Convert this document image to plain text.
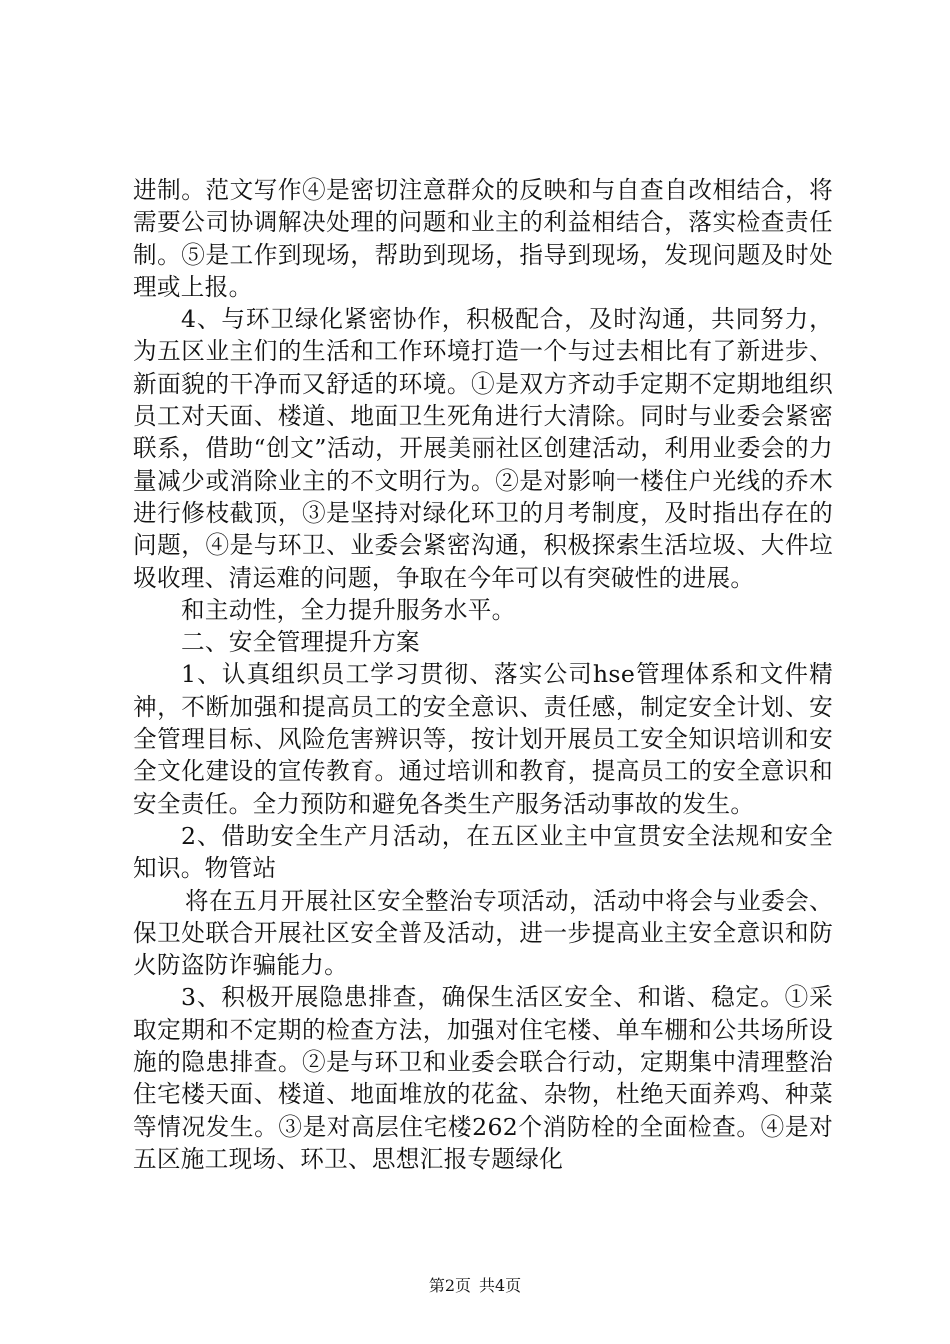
进制。范文写作④是密切注意群众的反映和与自查自改相结合，将需要公司协调解决处理的问题和业主的利益相结合，落实检查责任制。⑤是工作到现场，帮助到现场，指导到现场，发现问题及时处理或上报。

4、与环卫绿化紧密协作，积极配合，及时沟通，共同努力，为五区业主们的生活和工作环境打造一个与过去相比有了新进步、新面貌的干净而又舒适的环境。①是双方齐动手定期不定期地组织员工对天面、楼道、地面卫生死角进行大清除。同时与业委会紧密联系，借助“创文”活动，开展美丽社区创建活动，利用业委会的力量减少或消除业主的不文明行为。②是对影响一楼住户光线的乔木进行修枝截顶，③是坚持对绿化环卫的月考制度，及时指出存在的问题，④是与环卫、业委会紧密沟通，积极探索生活垃圾、大件垃圾收理、清运难的问题，争取在今年可以有突破性的进展。

和主动性，全力提升服务水平。

二、安全管理提升方案

1、认真组织员工学习贯彻、落实公司hse管理体系和文件精神，不断加强和提高员工的安全意识、责任感，制定安全计划、安全管理目标、风险危害辨识等，按计划开展员工安全知识培训和安全文化建设的宣传教育。通过培训和教育，提高员工的安全意识和安全责任。全力预防和避免各类生产服务活动事故的发生。

2、借助安全生产月活动，在五区业主中宣贯安全法规和安全知识。物管站

将在五月开展社区安全整治专项活动，活动中将会与业委会、保卫处联合开展社区安全普及活动，进一步提高业主安全意识和防火防盗防诈骗能力。

3、积极开展隐患排查，确保生活区安全、和谐、稳定。①采取定期和不定期的检查方法，加强对住宅楼、单车棚和公共场所设施的隐患排查。②是与环卫和业委会联合行动，定期集中清理整治住宅楼天面、楼道、地面堆放的花盆、杂物，杜绝天面养鸡、种菜等情况发生。③是对高层住宅楼262个消防栓的全面检查。④是对五区施工现场、环卫、思想汇报专题绿化

第2页 共4页
